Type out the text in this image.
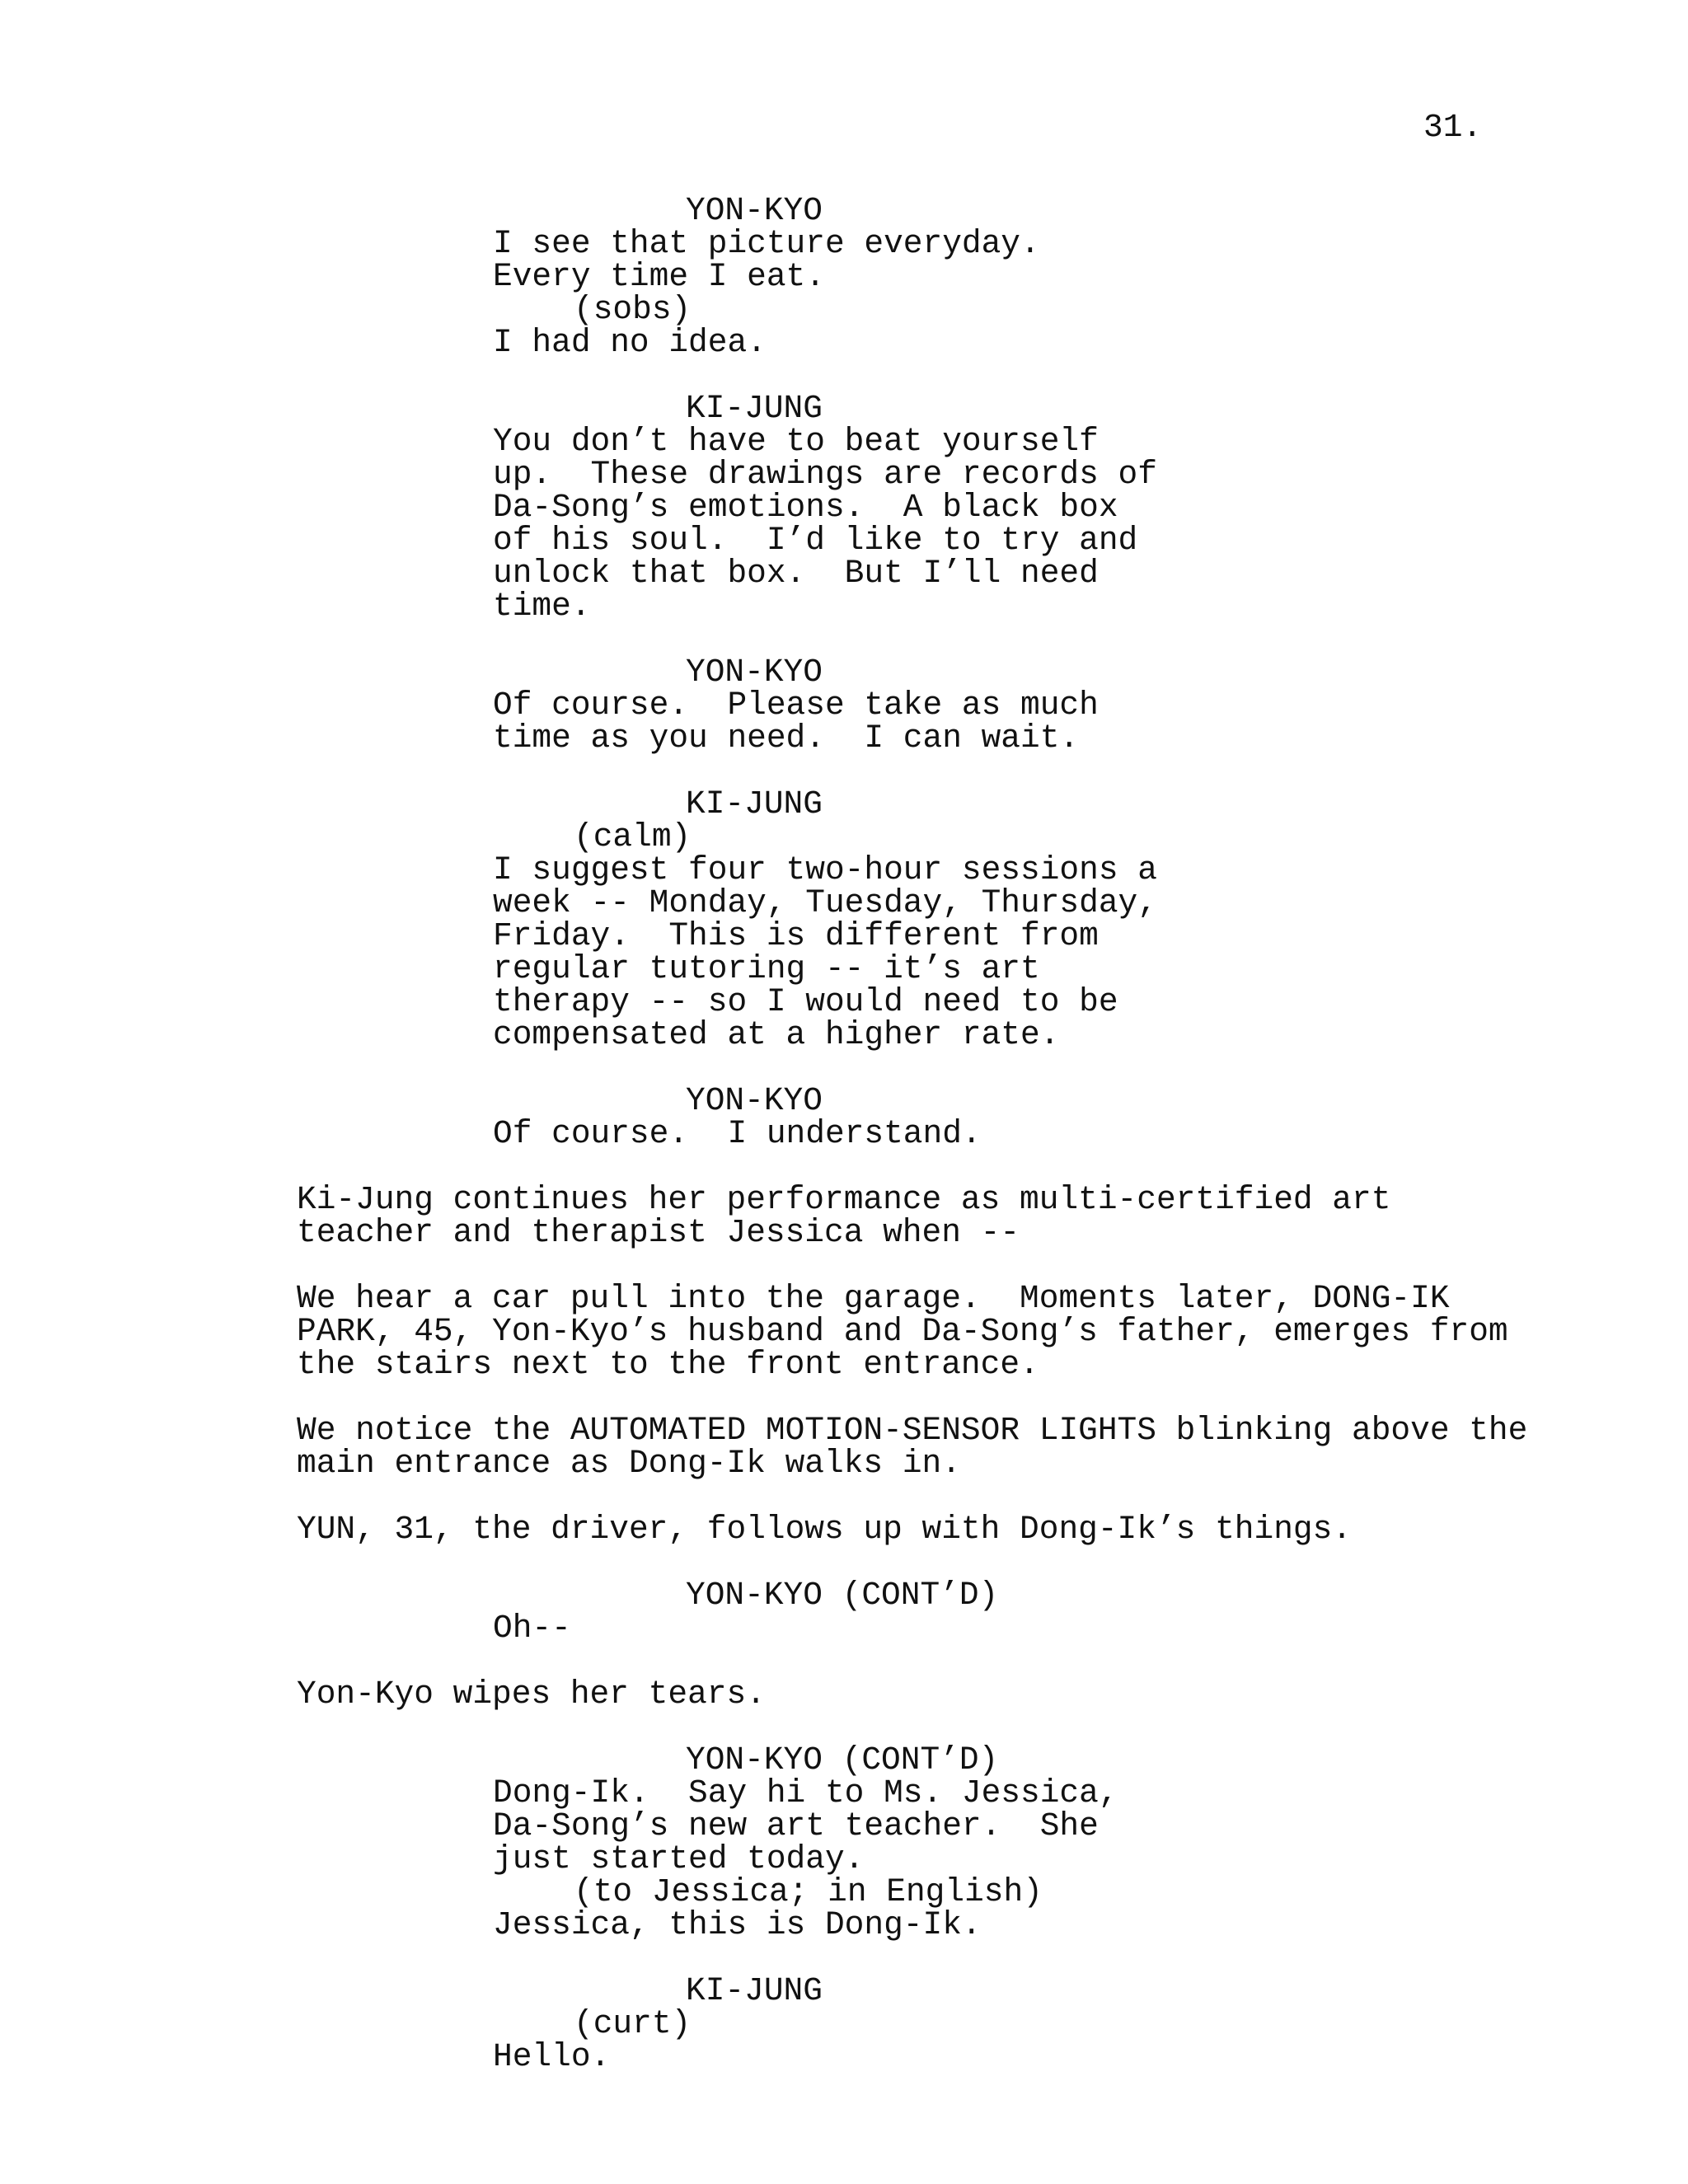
31.
YON-KYO
I see that picture everyday.
Every time I eat.
(sobs)
I had no idea.
KI-JUNG
You don’t have to beat yourself
up.  These drawings are records of
Da-Song’s emotions.  A black box
of his soul.  I’d like to try and
unlock that box.  But I’ll need
time.
YON-KYO
Of course.  Please take as much
time as you need.  I can wait.
KI-JUNG
(calm)
I suggest four two-hour sessions a
week -- Monday, Tuesday, Thursday,
Friday.  This is different from
regular tutoring -- it’s art
therapy -- so I would need to be
compensated at a higher rate.
YON-KYO
Of course.  I understand.
Ki-Jung continues her performance as multi-certified art
teacher and therapist Jessica when --
We hear a car pull into the garage.  Moments later, DONG-IK
PARK, 45, Yon-Kyo’s husband and Da-Song’s father, emerges from
the stairs next to the front entrance.
We notice the AUTOMATED MOTION-SENSOR LIGHTS blinking above the
main entrance as Dong-Ik walks in.
YUN, 31, the driver, follows up with Dong-Ik’s things.
YON-KYO (CONT’D)
Oh--
Yon-Kyo wipes her tears.
YON-KYO (CONT’D)
Dong-Ik.  Say hi to Ms. Jessica,
Da-Song’s new art teacher.  She
just started today.
(to Jessica; in English)
Jessica, this is Dong-Ik.
KI-JUNG
(curt)
Hello.
